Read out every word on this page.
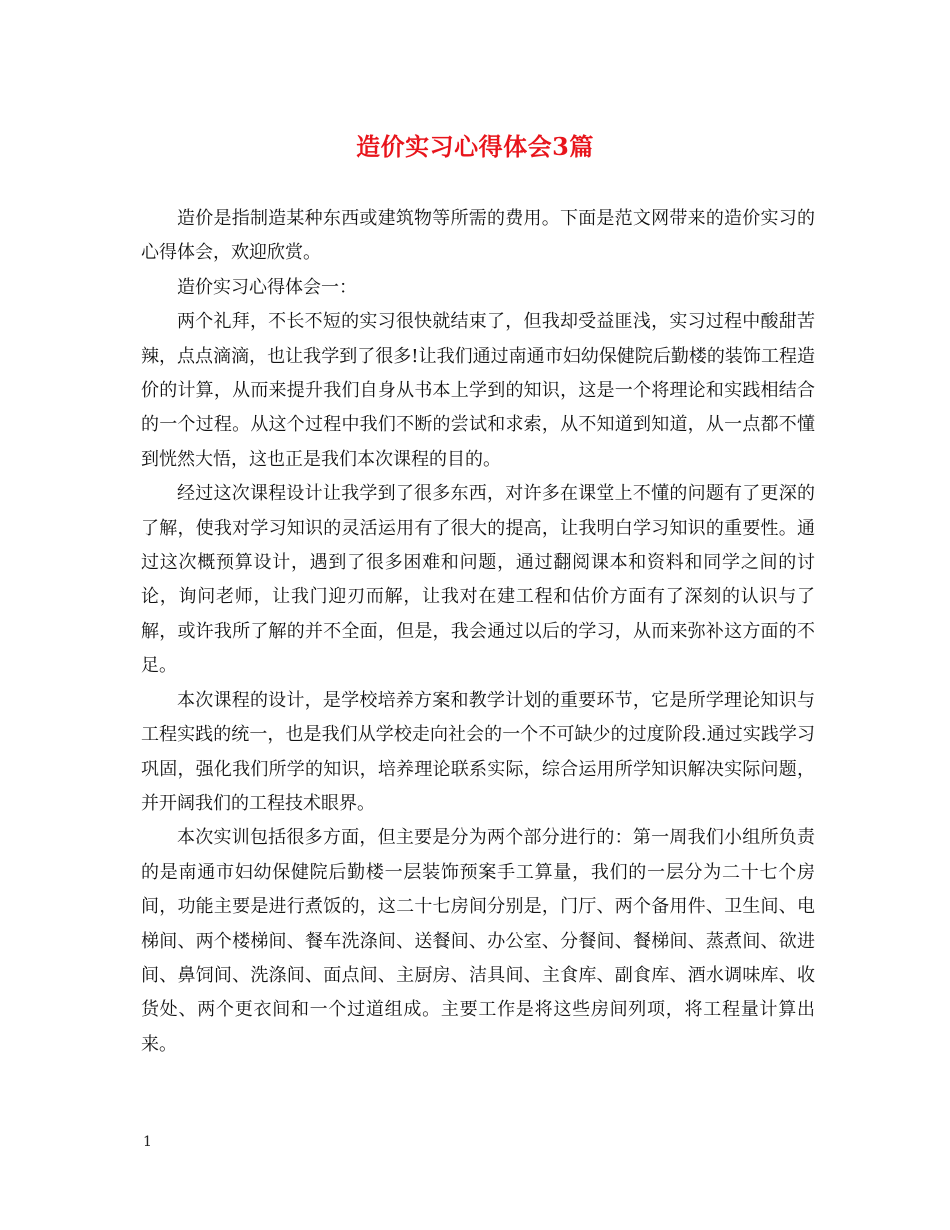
造价实习心得体会3篇

造价是指制造某种东西或建筑物等所需的费用。下面是范文网带来的造价实习的心得体会，欢迎欣赏。

造价实习心得体会一：

两个礼拜，不长不短的实习很快就结束了，但我却受益匪浅，实习过程中酸甜苦辣，点点滴滴，也让我学到了很多!让我们通过南通市妇幼保健院后勤楼的装饰工程造价的计算，从而来提升我们自身从书本上学到的知识，这是一个将理论和实践相结合的一个过程。从这个过程中我们不断的尝试和求索，从不知道到知道，从一点都不懂到恍然大悟，这也正是我们本次课程的目的。

经过这次课程设计让我学到了很多东西，对许多在课堂上不懂的问题有了更深的了解，使我对学习知识的灵活运用有了很大的提高，让我明白学习知识的重要性。通过这次概预算设计，遇到了很多困难和问题，通过翻阅课本和资料和同学之间的讨论，询问老师，让我门迎刃而解，让我对在建工程和估价方面有了深刻的认识与了解，或许我所了解的并不全面，但是，我会通过以后的学习，从而来弥补这方面的不足。

本次课程的设计，是学校培养方案和教学计划的重要环节，它是所学理论知识与工程实践的统一，也是我们从学校走向社会的一个不可缺少的过度阶段.通过实践学习巩固，强化我们所学的知识，培养理论联系实际，综合运用所学知识解决实际问题，并开阔我们的工程技术眼界。

本次实训包括很多方面，但主要是分为两个部分进行的：第一周我们小组所负责的是南通市妇幼保健院后勤楼一层装饰预案手工算量，我们的一层分为二十七个房间，功能主要是进行煮饭的，这二十七房间分别是，门厅、两个备用件、卫生间、电梯间、两个楼梯间、餐车洗涤间、送餐间、办公室、分餐间、餐梯间、蒸煮间、欲进间、鼻饲间、洗涤间、面点间、主厨房、洁具间、主食库、副食库、酒水调味库、收货处、两个更衣间和一个过道组成。主要工作是将这些房间列项，将工程量计算出来。

1
